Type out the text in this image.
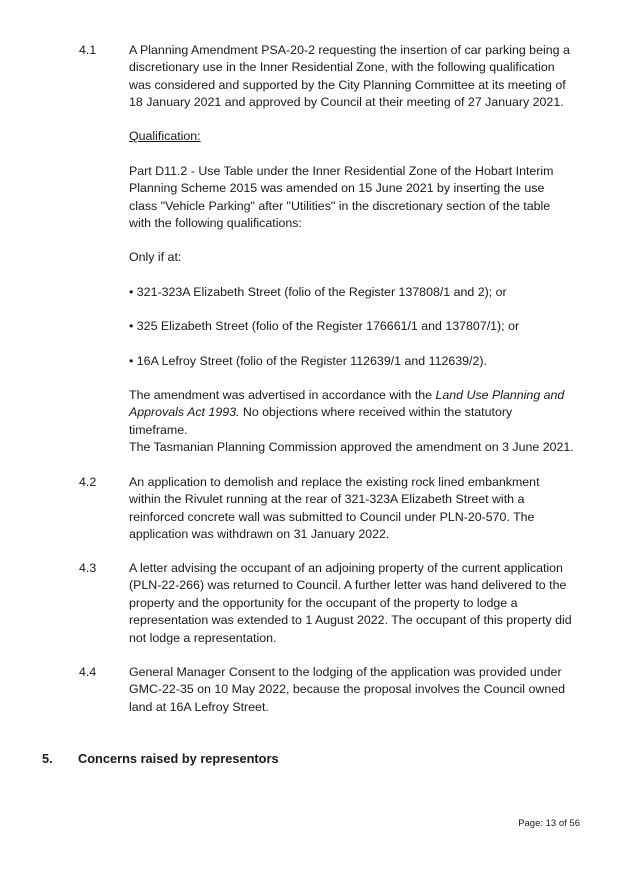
4.1	A Planning Amendment PSA-20-2 requesting the insertion of car parking being a discretionary use in the Inner Residential Zone, with the following qualification was considered and supported by the City Planning Committee at its meeting of 18 January 2021 and approved by Council at their meeting of 27 January 2021.

Qualification:

Part D11.2 - Use Table under the Inner Residential Zone of the Hobart Interim Planning Scheme 2015 was amended on 15 June 2021 by inserting the use class "Vehicle Parking" after "Utilities" in the discretionary section of the table with the following qualifications:

Only if at:

• 321-323A Elizabeth Street (folio of the Register 137808/1 and 2); or

• 325 Elizabeth Street (folio of the Register 176661/1 and 137807/1); or

• 16A Lefroy Street (folio of the Register 112639/1 and 112639/2).

The amendment was advertised in accordance with the Land Use Planning and Approvals Act 1993. No objections where received within the statutory timeframe.

The Tasmanian Planning Commission approved the amendment on 3 June 2021.

4.2	An application to demolish and replace the existing rock lined embankment within the Rivulet running at the rear of 321-323A Elizabeth Street with a reinforced concrete wall was submitted to Council under PLN-20-570. The application was withdrawn on 31 January 2022.

4.3	A letter advising the occupant of an adjoining property of the current application (PLN-22-266) was returned to Council. A further letter was hand delivered to the property and the opportunity for the occupant of the property to lodge a representation was extended to 1 August 2022. The occupant of this property did not lodge a representation.

4.4	General Manager Consent to the lodging of the application was provided under GMC-22-35 on 10 May 2022, because the proposal involves the Council owned land at 16A Lefroy Street.

5. Concerns raised by representors
Page: 13 of 56
